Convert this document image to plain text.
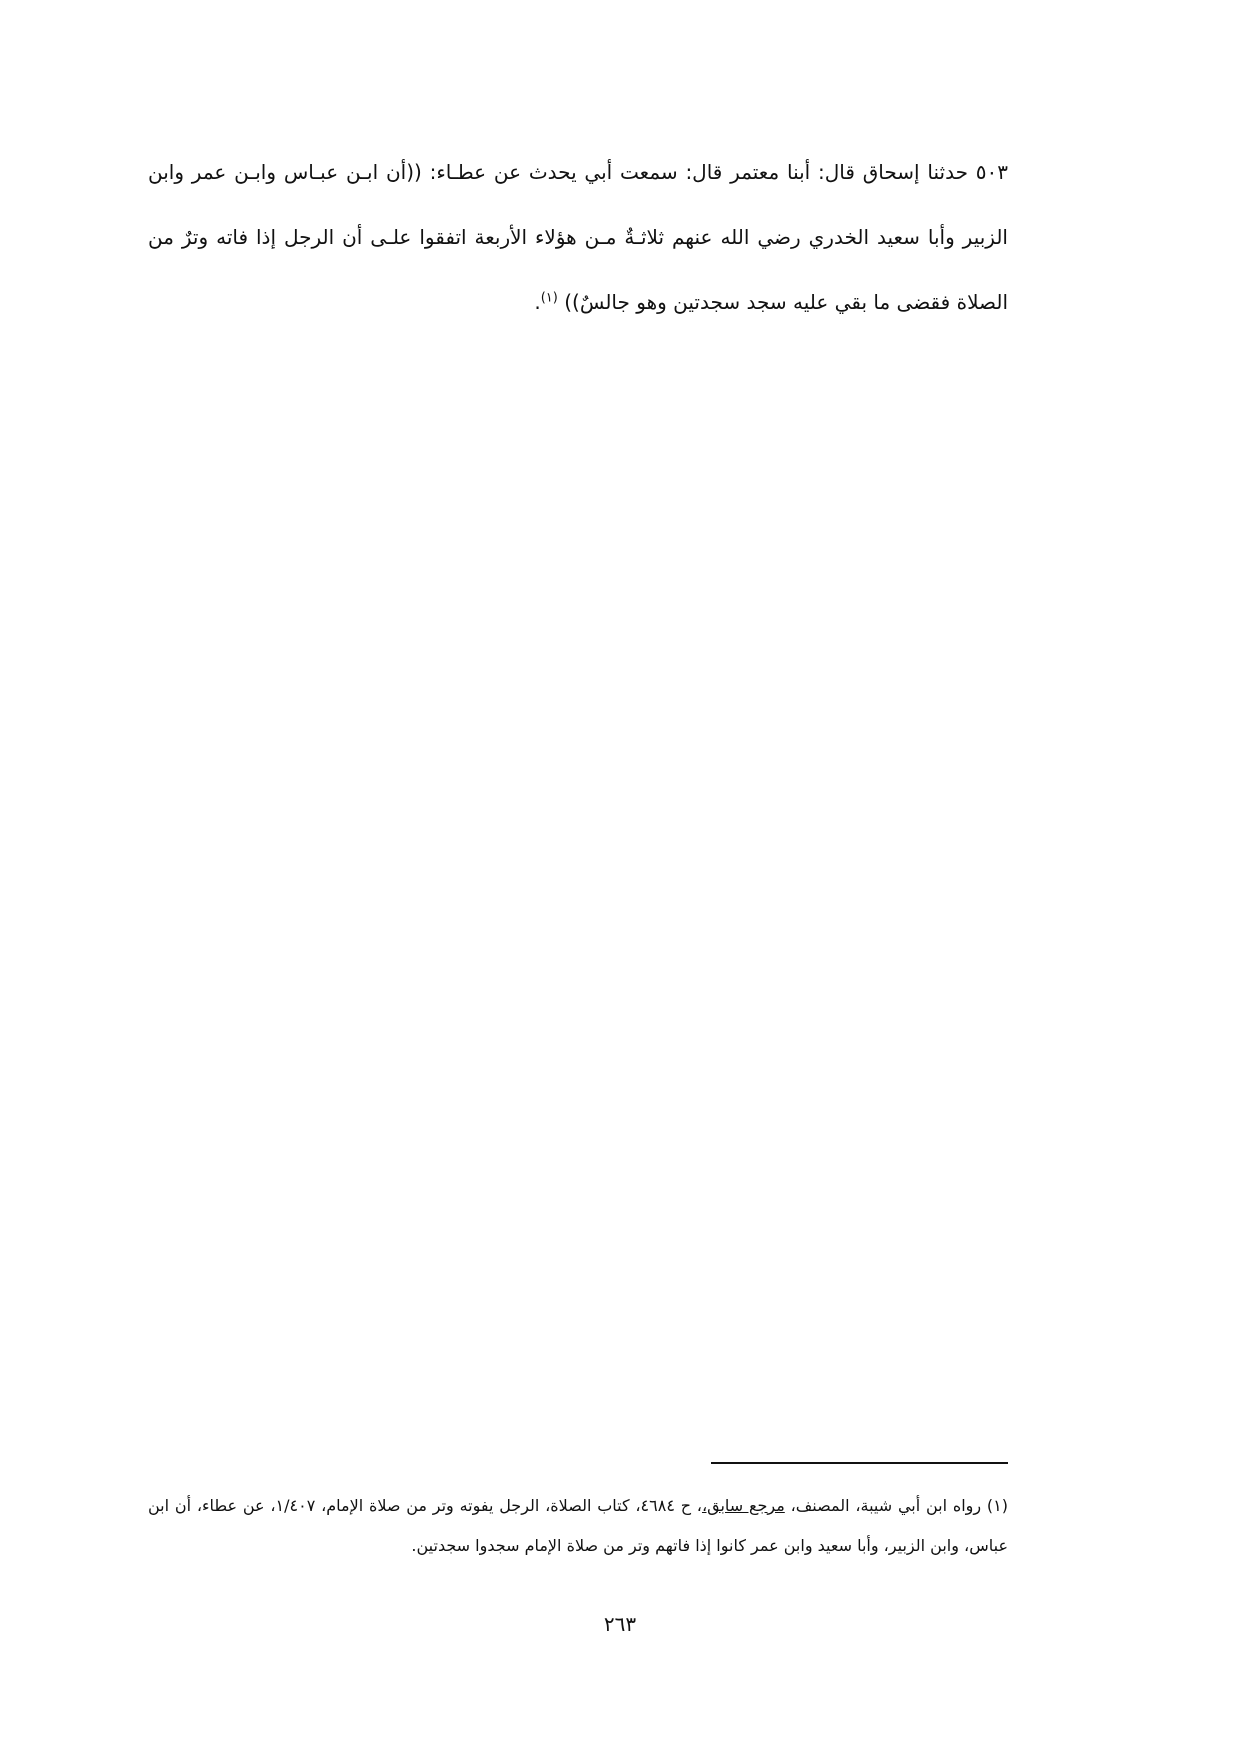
٥٠٣ حدثنا إسحاق قال: أبنا معتمر قال: سمعت أبي يحدث عن عطـاء: ((أن ابـن عبـاس وابـن عمر وابن الزبير وأبا سعيد الخدري رضي الله عنهم ثلاثـةٌ مـن هؤلاء الأربعة اتفقوا علـى أن الرجل إذا فاته وترٌ من الصلاة فقضى ما بقي عليه سجد سجدتين وهو جالسٌ)) $^{(١)}$.
(١) رواه ابن أبي شيبة، المصنف، مرجع سابق،، ح ٤٦٨٤، كتاب الصلاة، الرجل يفوته وتر من صلاة الإمام، ١/٤٠٧، عن عطاء، أن ابن عباس، وابن الزبير، وأبا سعيد وابن عمر كانوا إذا فاتهم وتر من صلاة الإمام سجدوا سجدتين.
٢٦٣
